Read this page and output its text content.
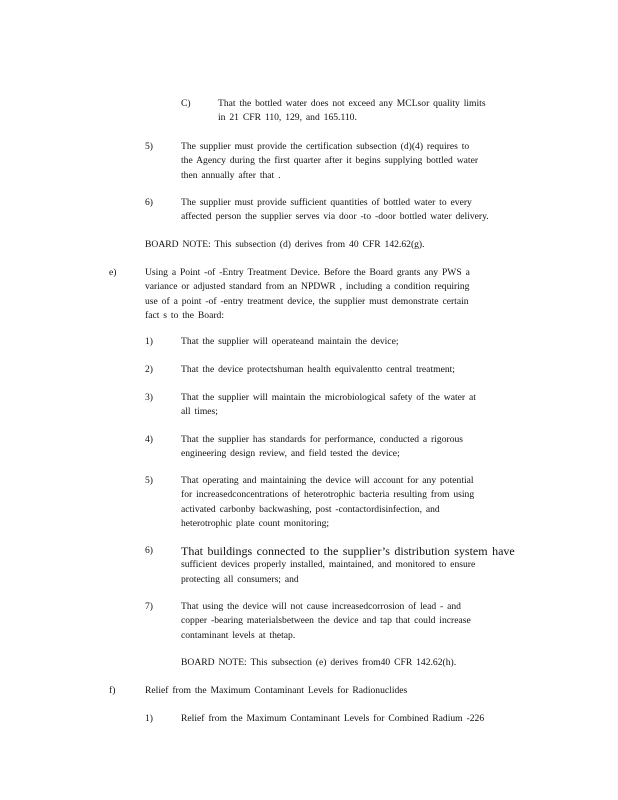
C)	That the bottled water does not exceed any MCLsor quality limits
in 21 CFR 110, 129, and 165.110.
5)	The supplier must provide the certification subsection (d)(4) requires to
the Agency during the first quarter after it begins supplying bottled water
then annually after that .
6)	The supplier must provide sufficient quantities of bottled water to every
affected person the supplier serves via door -to -door bottled water delivery.
BOARD NOTE: This subsection (d) derives from 40 CFR 142.62(g).
e)	Using a Point -of -Entry Treatment Device. Before the Board grants any PWS a
variance or adjusted standard from an NPDWR , including a condition requiring
use of a point -of -entry treatment device, the supplier must demonstrate certain
fact s to the Board:
1)	That the supplier will operateand maintain the device;
2)	That the device protectshuman health equivalentto central treatment;
3)	That the supplier will maintain the microbiological safety of the water at
all times;
4)	That the supplier has standards for performance, conducted a rigorous
engineering design review, and field tested the device;
5)	That operating and maintaining the device will account for any potential
for increasedconcentrations of heterotrophic bacteria resulting from using
activated carbonby backwashing, post -contactordisinfection, and
heterotrophic plate count monitoring;
6) That buildings connected to the supplier’s distribution system have
sufficient devices properly installed, maintained, and monitored to ensure
protecting all consumers; and
7)	That using the device will not cause increasedcorrosion of lead - and
copper -bearing materialsbetween the device and tap that could increase
contaminant levels at thetap.
BOARD NOTE: This subsection (e) derives from40 CFR 142.62(h).
f)	Relief from the Maximum Contaminant Levels for Radionuclides
1)	Relief from the Maximum Contaminant Levels for Combined Radium -226
